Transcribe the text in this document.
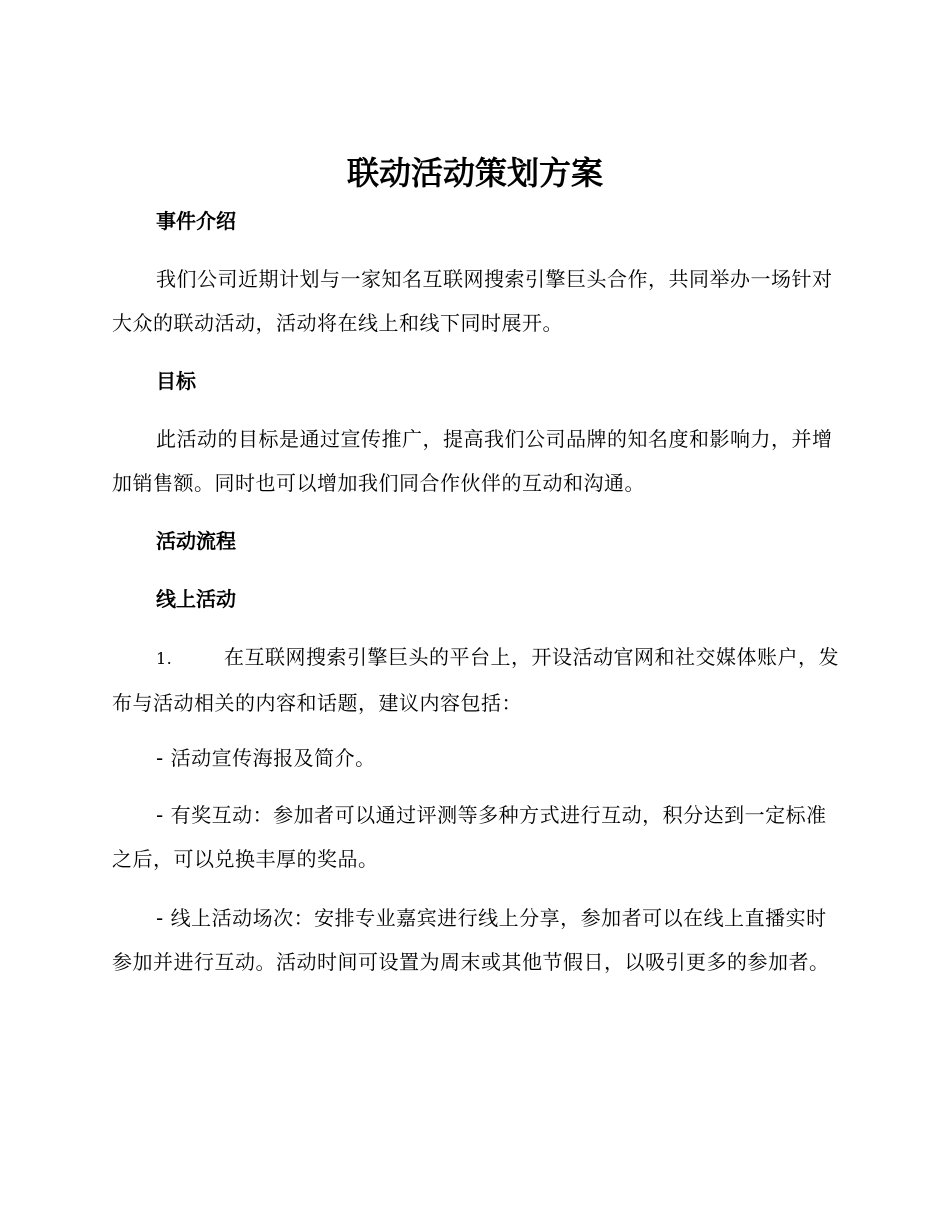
联动活动策划方案
事件介绍

我们公司近期计划与一家知名互联网搜索引擎巨头合作，共同举办一场针对大众的联动活动，活动将在线上和线下同时展开。

目标

此活动的目标是通过宣传推广，提高我们公司品牌的知名度和影响力，并增加销售额。同时也可以增加我们同合作伙伴的互动和沟通。

活动流程
线上活动

1.	在互联网搜索引擎巨头的平台上，开设活动官网和社交媒体账户，发布与活动相关的内容和话题，建议内容包括：

- 活动宣传海报及简介。

- 有奖互动：参加者可以通过评测等多种方式进行互动，积分达到一定标准之后，可以兑换丰厚的奖品。

- 线上活动场次：安排专业嘉宾进行线上分享，参加者可以在线上直播实时参加并进行互动。活动时间可设置为周末或其他节假日，以吸引更多的参加者。
